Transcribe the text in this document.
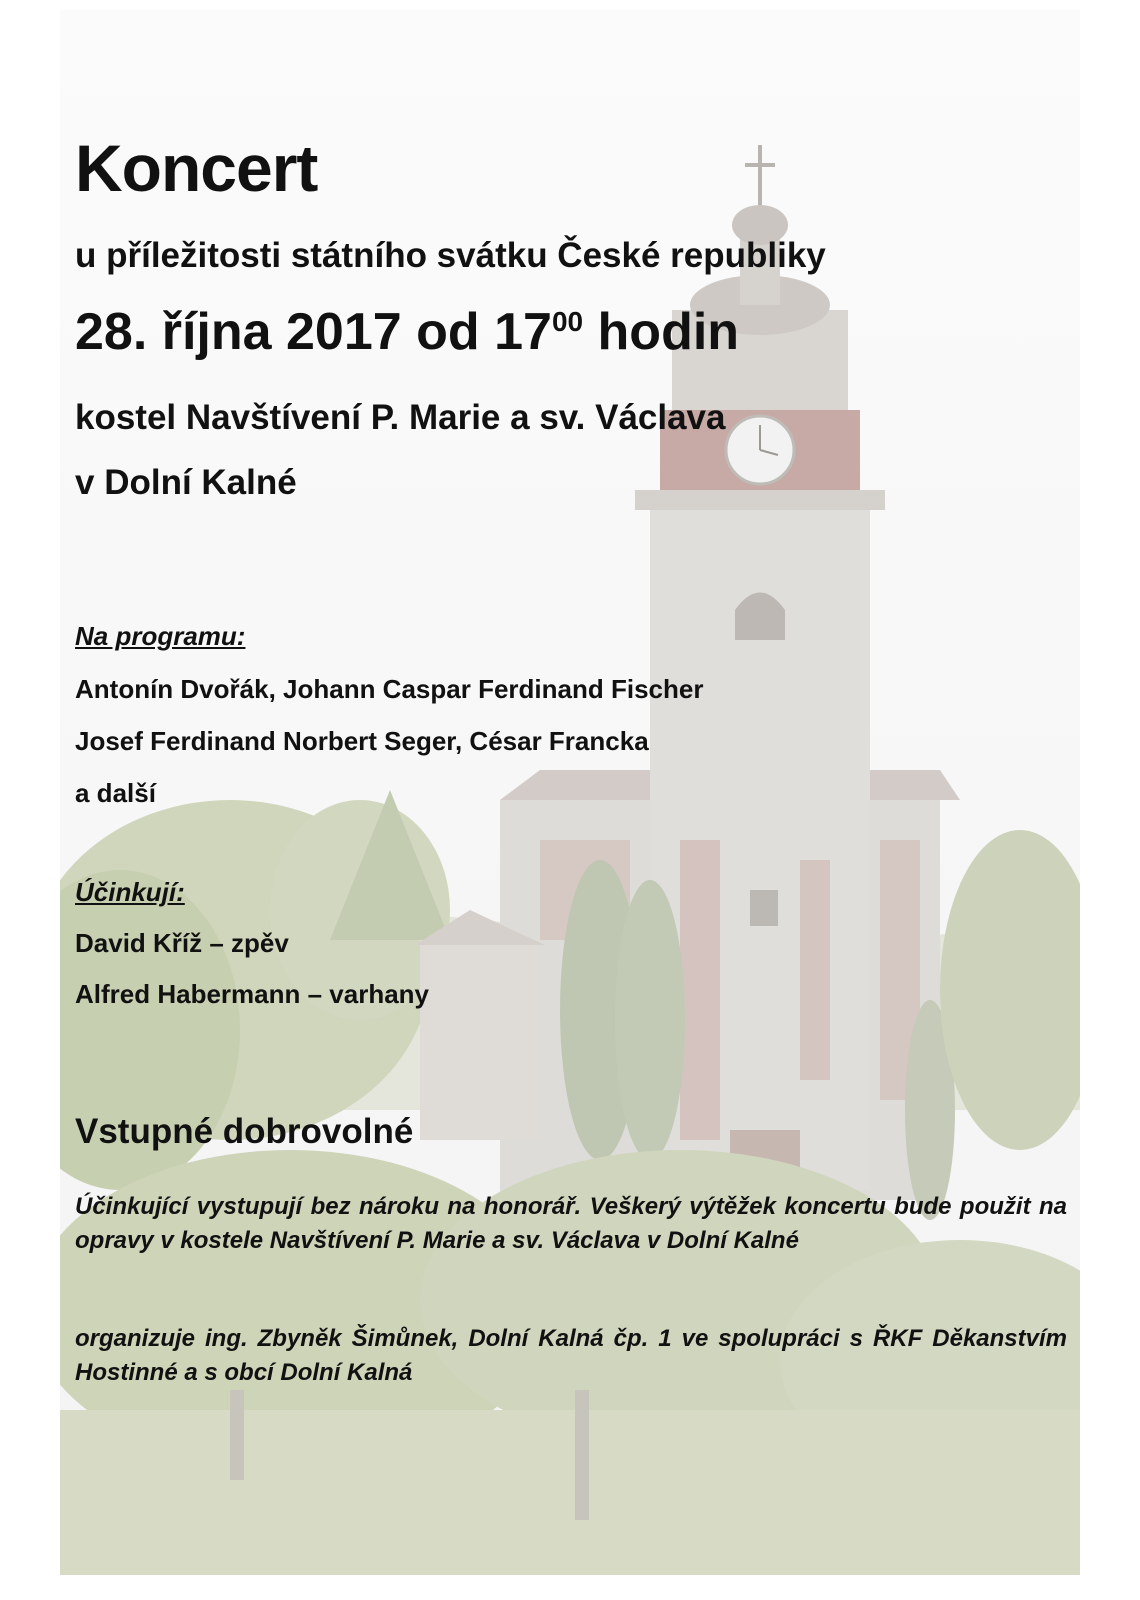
Koncert
u příležitosti státního svátku České republiky
28. října 2017 od $17^{00}$ hodin
kostel Navštívení P. Marie a sv. Václava
v Dolní Kalné
Na programu:
Antonín Dvořák, Johann Caspar Ferdinand Fischer
Josef Ferdinand Norbert Seger, César Francka
a další
Účinkují:
David Kříž – zpěv
Alfred Habermann – varhany
Vstupné dobrovolné
Účinkující vystupují bez nároku na honorář. Veškerý výtěžek koncertu bude použit na opravy v kostele Navštívení P. Marie a sv. Václava v Dolní Kalné
organizuje ing. Zbyněk Šimůnek, Dolní Kalná čp. 1 ve spolupráci s ŘKF Děkanstvím Hostinné a s obcí Dolní Kalná
